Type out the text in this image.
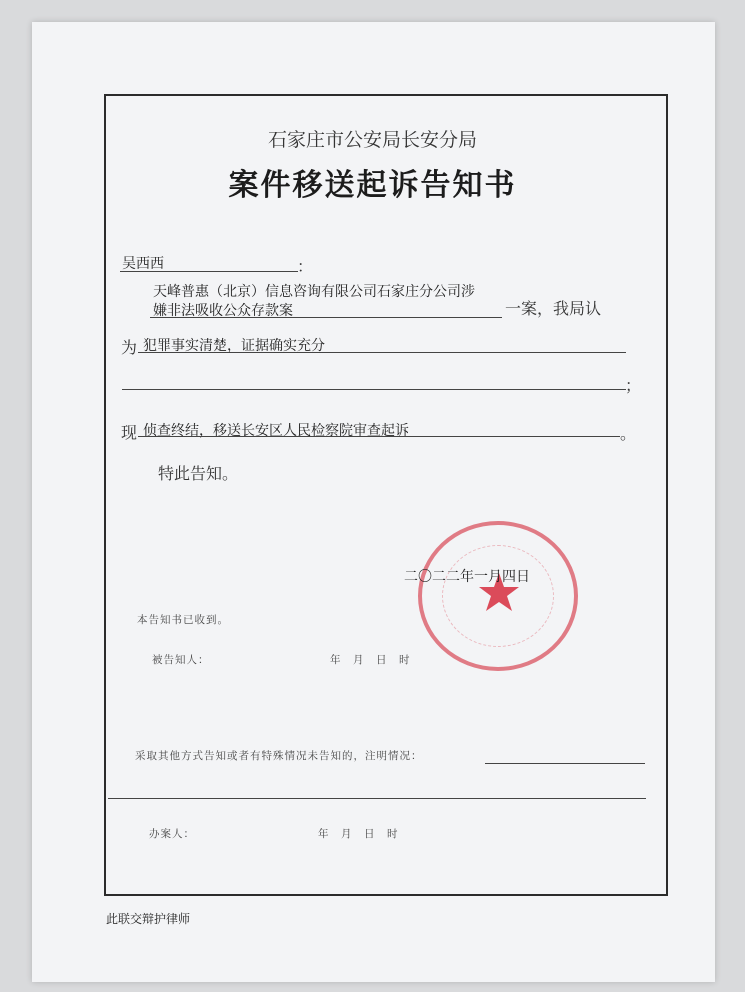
石家庄市公安局长安分局
案件移送起诉告知书
吴西西	：
天峰普惠（北京）信息咨询有限公司石家庄分公司涉
嫌非法吸收公众存款案	一案，我局认
为 犯罪事实清楚，证据确实充分
；
现 侦查终结，移送长安区人民检察院审查起诉	。
特此告知。
二〇二二年一月四日
本告知书已收到。
被告知人：	年　月　日　时
采取其他方式告知或者有特殊情况未告知的，注明情况：
办案人：	年　月　日　时
此联交辩护律师
